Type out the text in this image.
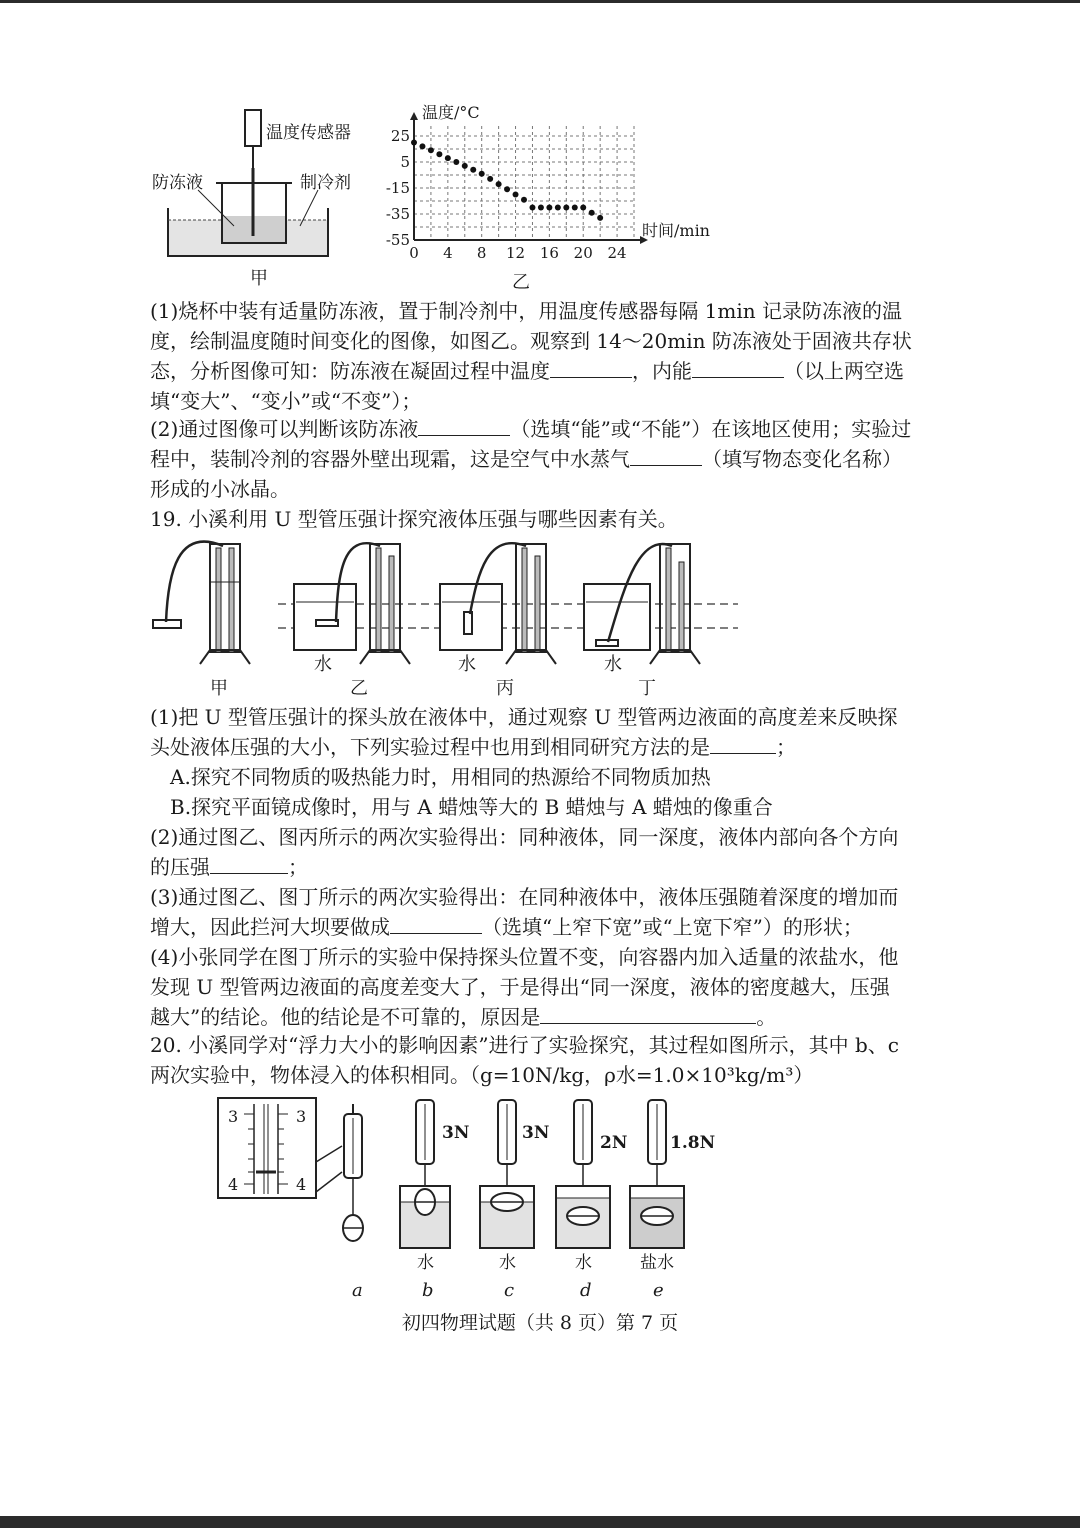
温度传感器
防冻液	制冷剂
甲
温度/°C
时间/min
乙
0 4 8 12 16 20 24
25
5
-15
-35
-55
(1)烧杯中装有适量防冻液，置于制冷剂中，用温度传感器每隔 1min 记录防冻液的温
度，绘制温度随时间变化的图像，如图乙。观察到 14～20min 防冻液处于固液共存状
态，分析图像可知：防冻液在凝固过程中温度	，内能	（以上两空选
填“变大”、“变小”或“不变”）；
(2)通过图像可以判断该防冻液	（选填“能”或“不能”）在该地区使用；实验过
程中，装制冷剂的容器外壁出现霜，这是空气中水蒸气	（填写物态变化名称）
形成的小冰晶。
19. 小溪利用 U 型管压强计探究液体压强与哪些因素有关。
水	水	水
甲	乙	丙	丁
(1)把 U 型管压强计的探头放在液体中，通过观察 U 型管两边液面的高度差来反映探
头处液体压强的大小，下列实验过程中也用到相同研究方法的是	；
A.探究不同物质的吸热能力时，用相同的热源给不同物质加热
B.探究平面镜成像时，用与 A 蜡烛等大的 B 蜡烛与 A 蜡烛的像重合
(2)通过图乙、图丙所示的两次实验得出：同种液体，同一深度，液体内部向各个方向
的压强	；
(3)通过图乙、图丁所示的两次实验得出：在同种液体中，液体压强随着深度的增加而
增大，因此拦河大坝要做成	（选填“上窄下宽”或“上宽下窄”）的形状；
(4)小张同学在图丁所示的实验中保持探头位置不变，向容器内加入适量的浓盐水，他
发现 U 型管两边液面的高度差变大了，于是得出“同一深度，液体的密度越大，压强
越大”的结论。他的结论是不可靠的，原因是	。
20. 小溪同学对“浮力大小的影响因素”进行了实验探究，其过程如图所示，其中 b、c
两次实验中，物体浸入的体积相同。（g=10N/kg，ρ水=1.0×10³kg/m³）
3	3
4	4
3N	3N	2N	1.8N
水	水	水	盐水
a	b	c	d	e
初四物理试题（共 8 页）第 7 页
